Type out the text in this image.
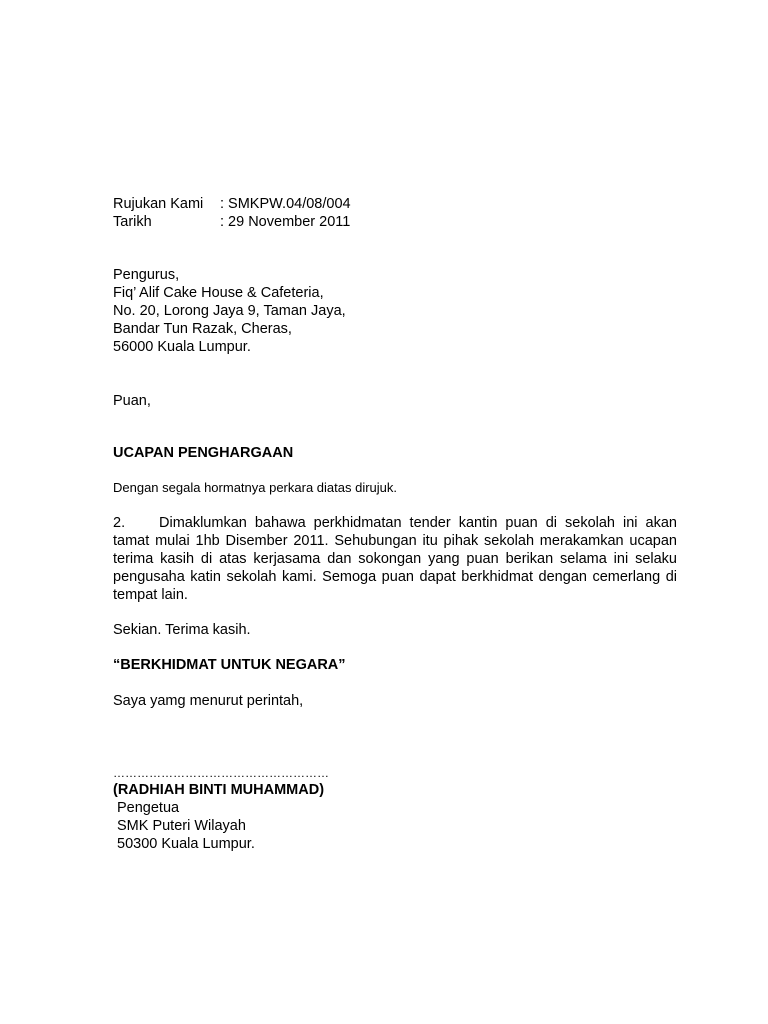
Rujukan Kami : SMKPW.04/08/004
Tarikh	: 29 November 2011
Pengurus,
Fiq’ Alif Cake House & Cafeteria,
No. 20, Lorong Jaya 9, Taman Jaya,
Bandar Tun Razak, Cheras,
56000 Kuala Lumpur.
Puan,
UCAPAN PENGHARGAAN
Dengan segala hormatnya perkara diatas dirujuk.
2. Dimaklumkan bahawa perkhidmatan tender kantin puan di sekolah ini akan tamat mulai 1hb Disember 2011. Sehubungan itu pihak sekolah merakamkan ucapan terima kasih di atas kerjasama dan sokongan yang puan berikan selama ini selaku pengusaha katin sekolah kami. Semoga puan dapat berkhidmat dengan cemerlang di tempat lain.
Sekian. Terima kasih.
“BERKHIDMAT UNTUK NEGARA”
Saya yamg menurut perintah,
………………………………………………
(RADHIAH BINTI MUHAMMAD)
Pengetua
SMK Puteri Wilayah
50300 Kuala Lumpur.
